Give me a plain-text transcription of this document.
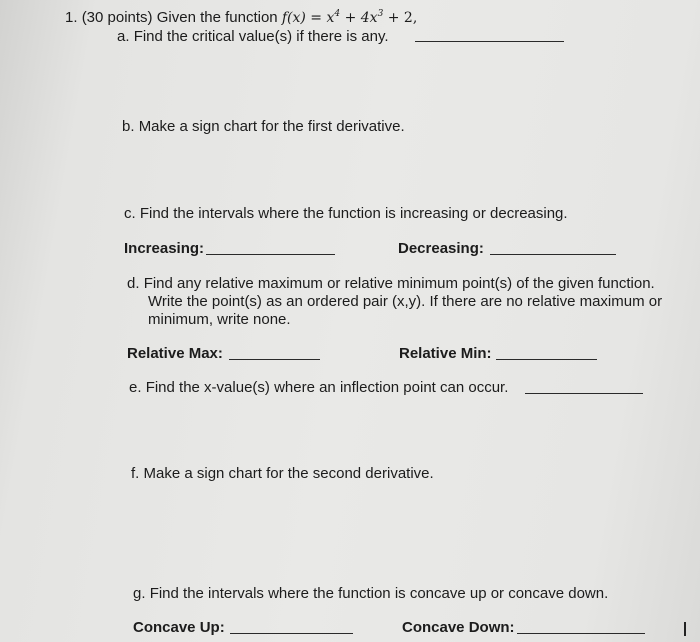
1. (30 points) Given the function $f(x) = x^4 + 4x^3 + 2$,
a. Find the critical value(s) if there is any.
b. Make a sign chart for the first derivative.
c. Find the intervals where the function is increasing or decreasing.
Increasing:	Decreasing:
d. Find any relative maximum or relative minimum point(s) of the given function.
Write the point(s) as an ordered pair (x,y). If there are no relative maximum or
minimum, write none.
Relative Max:	Relative Min:
e. Find the x-value(s) where an inflection point can occur.
f. Make a sign chart for the second derivative.
g. Find the intervals where the function is concave up or concave down.
Concave Up:	Concave Down:
